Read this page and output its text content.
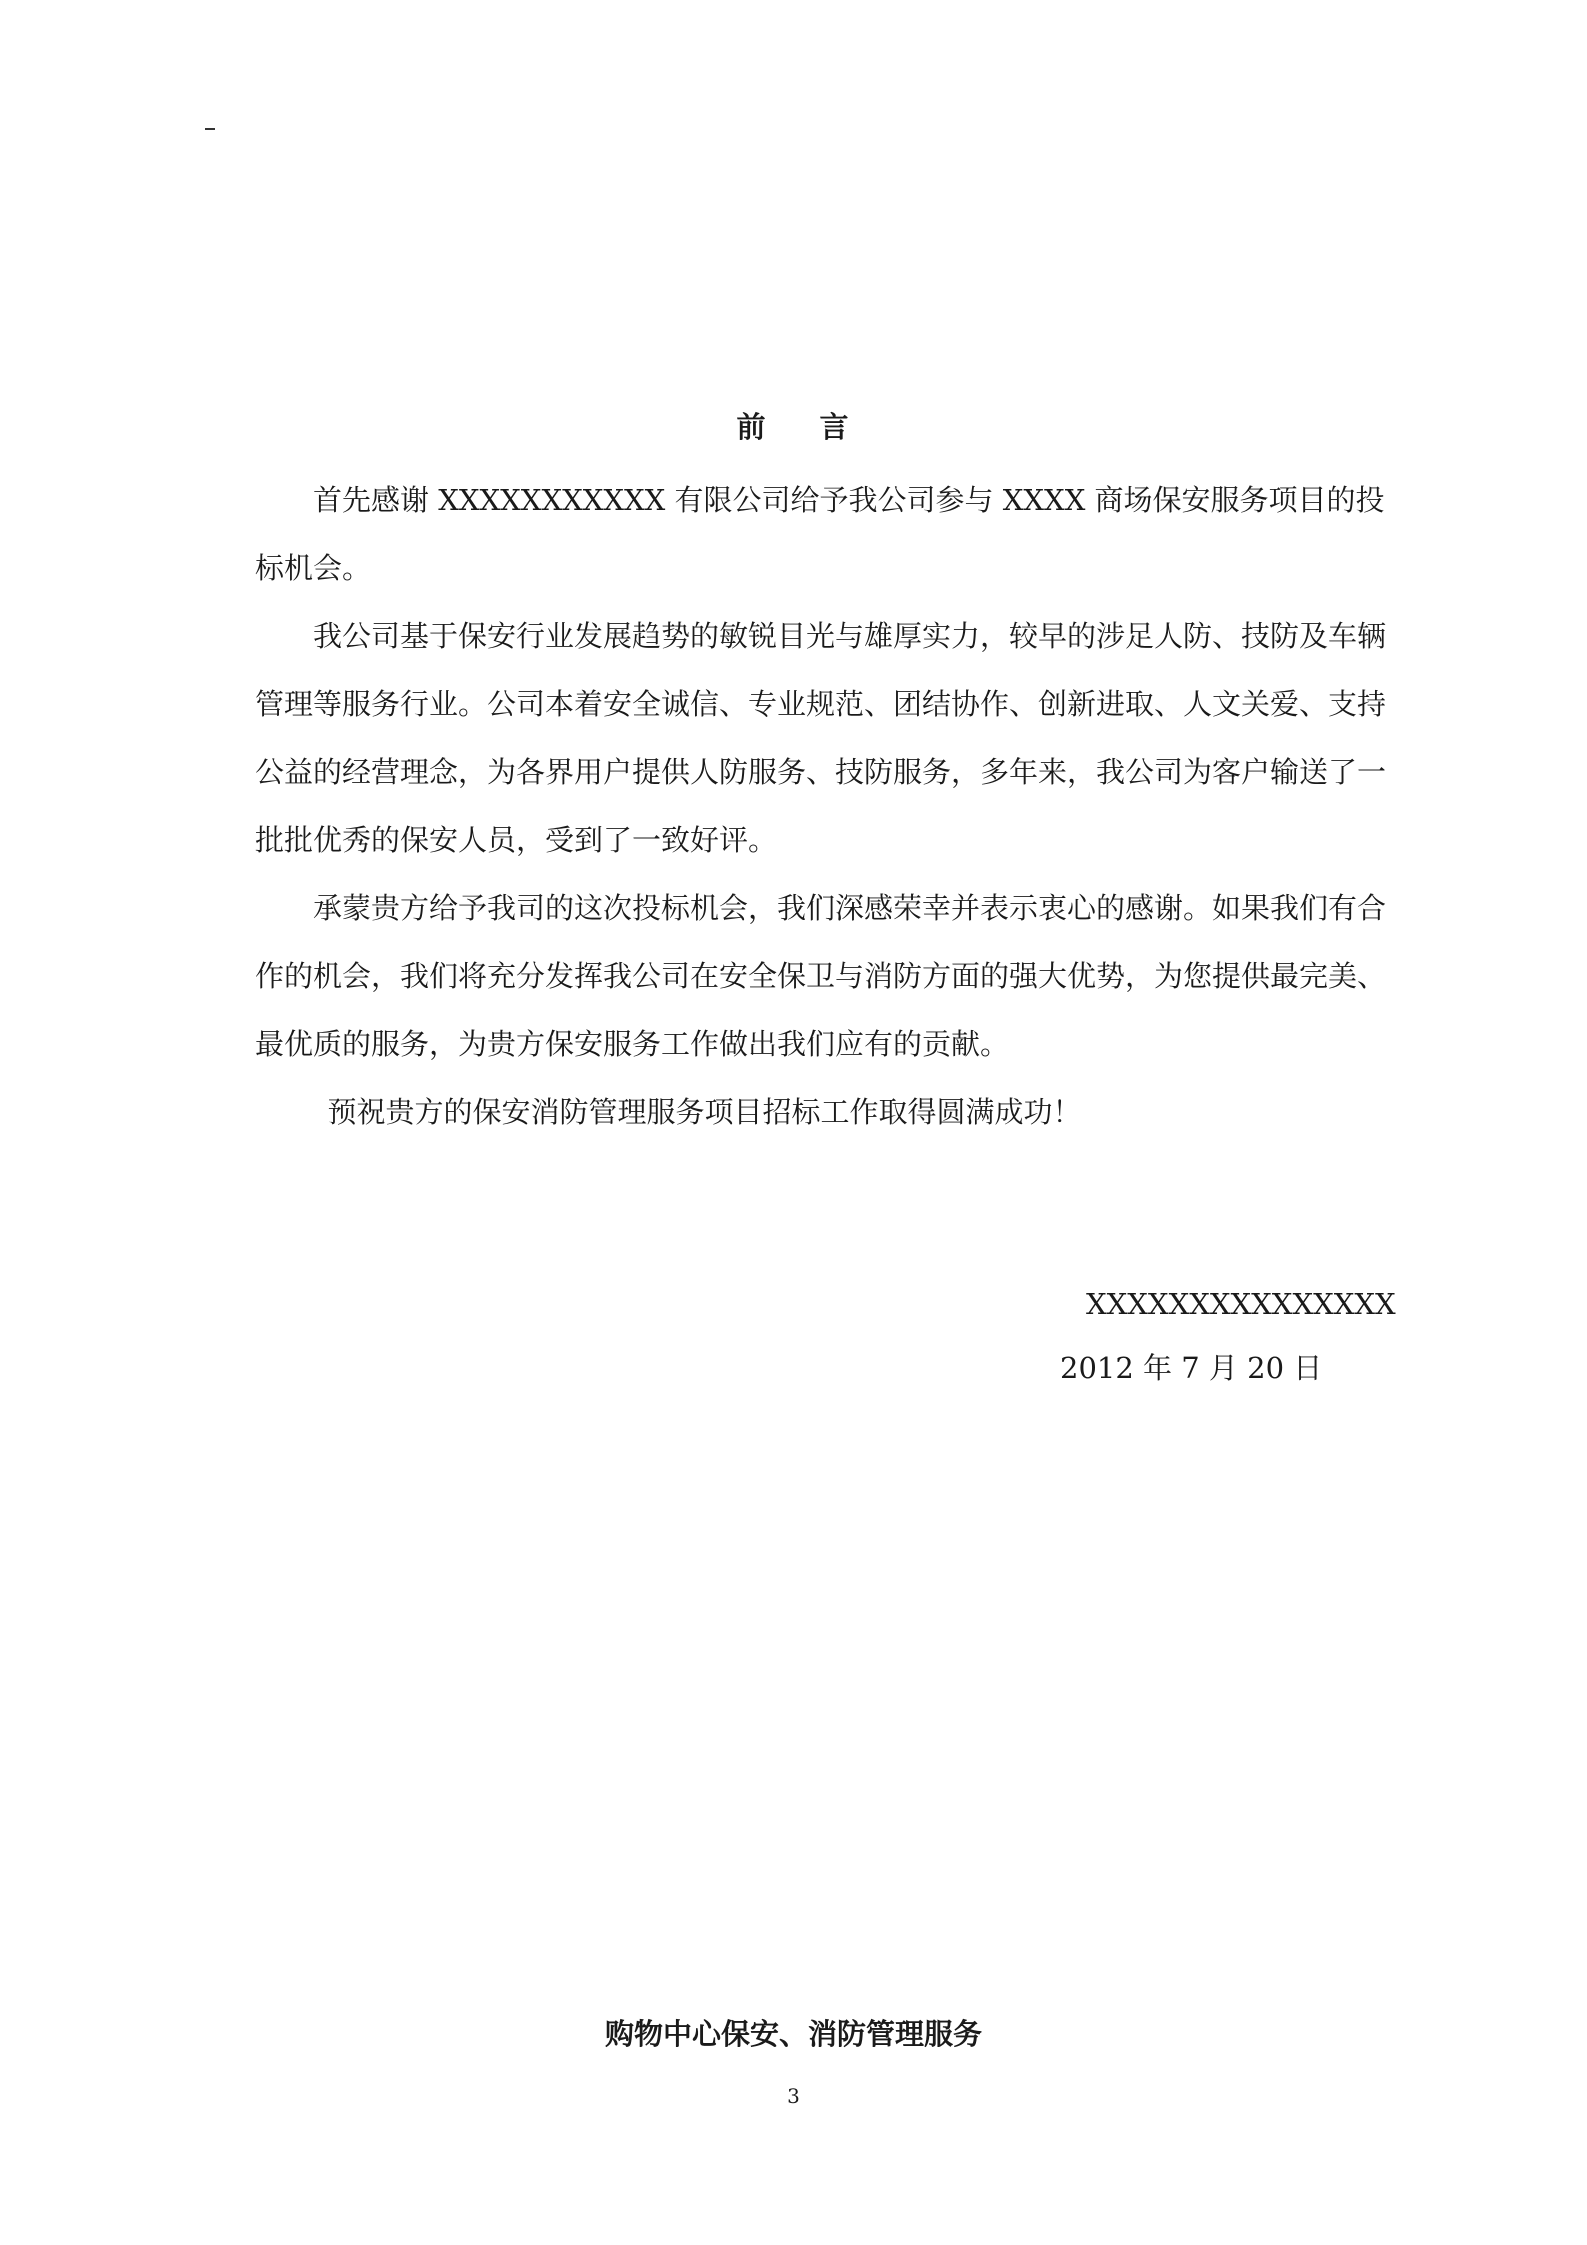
前 言

首先感谢 XXXXXXXXXXX 有限公司给予我公司参与 XXXX 商场保安服务项目的投标机会。

我公司基于保安行业发展趋势的敏锐目光与雄厚实力，较早的涉足人防、技防及车辆管理等服务行业。公司本着安全诚信、专业规范、团结协作、创新进取、人文关爱、支持公益的经营理念，为各界用户提供人防服务、技防服务，多年来，我公司为客户输送了一批批优秀的保安人员，受到了一致好评。

承蒙贵方给予我司的这次投标机会，我们深感荣幸并表示衷心的感谢。如果我们有合作的机会，我们将充分发挥我公司在安全保卫与消防方面的强大优势，为您提供最完美、最优质的服务，为贵方保安服务工作做出我们应有的贡献。

预祝贵方的保安消防管理服务项目招标工作取得圆满成功！

XXXXXXXXXXXXXXX
2012 年 7 月 20 日
购物中心保安、消防管理服务
3
